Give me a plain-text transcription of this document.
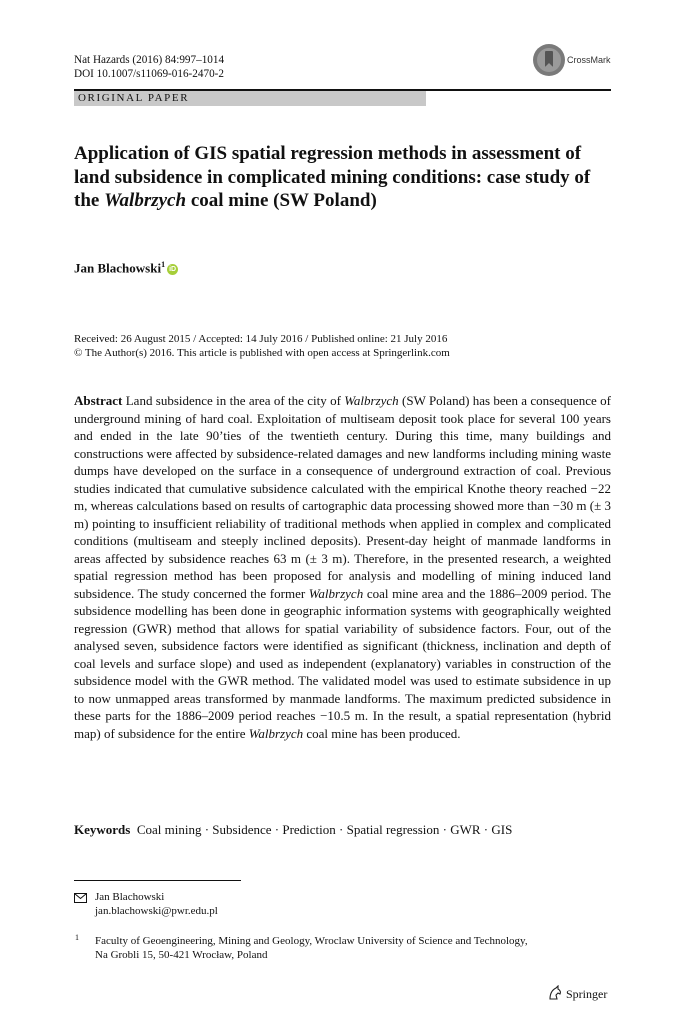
Nat Hazards (2016) 84:997–1014
DOI 10.1007/s11069-016-2470-2
CrossMark
ORIGINAL PAPER
Application of GIS spatial regression methods in assessment of land subsidence in complicated mining conditions: case study of the Walbrzych coal mine (SW Poland)
Jan Blachowski$^1$iD
Received: 26 August 2015 / Accepted: 14 July 2016 / Published online: 21 July 2016
© The Author(s) 2016. This article is published with open access at Springerlink.com
Abstract Land subsidence in the area of the city of Walbrzych (SW Poland) has been a consequence of underground mining of hard coal. Exploitation of multiseam deposit took place for several 100 years and ended in the late 90’ties of the twentieth century. During this time, many buildings and constructions were affected by subsidence-related damages and new landforms including mining waste dumps have developed on the surface in a consequence of underground extraction of coal. Previous studies indicated that cumulative subsidence calculated with the empirical Knothe theory reached −22 m, whereas calculations based on results of cartographic data processing showed more than −30 m (± 3 m) pointing to insufficient reliability of traditional methods when applied in complex and complicated conditions (multiseam and steeply inclined deposits). Present-day height of manmade landforms in areas affected by subsidence reaches 63 m (± 3 m). Therefore, in the presented research, a weighted spatial regression method has been proposed for analysis and modelling of mining induced land subsidence. The study concerned the former Walbrzych coal mine area and the 1886–2009 period. The subsidence modelling has been done in geographic information systems with geographically weighted regression (GWR) method that allows for spatial variability of subsidence factors. Four, out of the analysed seven, subsidence factors were identified as significant (thickness, inclination and depth of coal levels and surface slope) and used as independent (explanatory) variables in construction of the subsidence model with the GWR method. The validated model was used to estimate subsidence in up to now unmapped areas transformed by manmade landforms. The maximum predicted subsidence in these parts for the 1886–2009 period reaches −10.5 m. In the result, a spatial representation (hybrid map) of subsidence for the entire Walbrzych coal mine has been produced.
Keywords Coal mining · Subsidence · Prediction · Spatial regression · GWR · GIS
Jan Blachowski
jan.blachowski@pwr.edu.pl
1 Faculty of Geoengineering, Mining and Geology, Wroclaw University of Science and Technology,
Na Grobli 15, 50-421 Wrocław, Poland
Springer
